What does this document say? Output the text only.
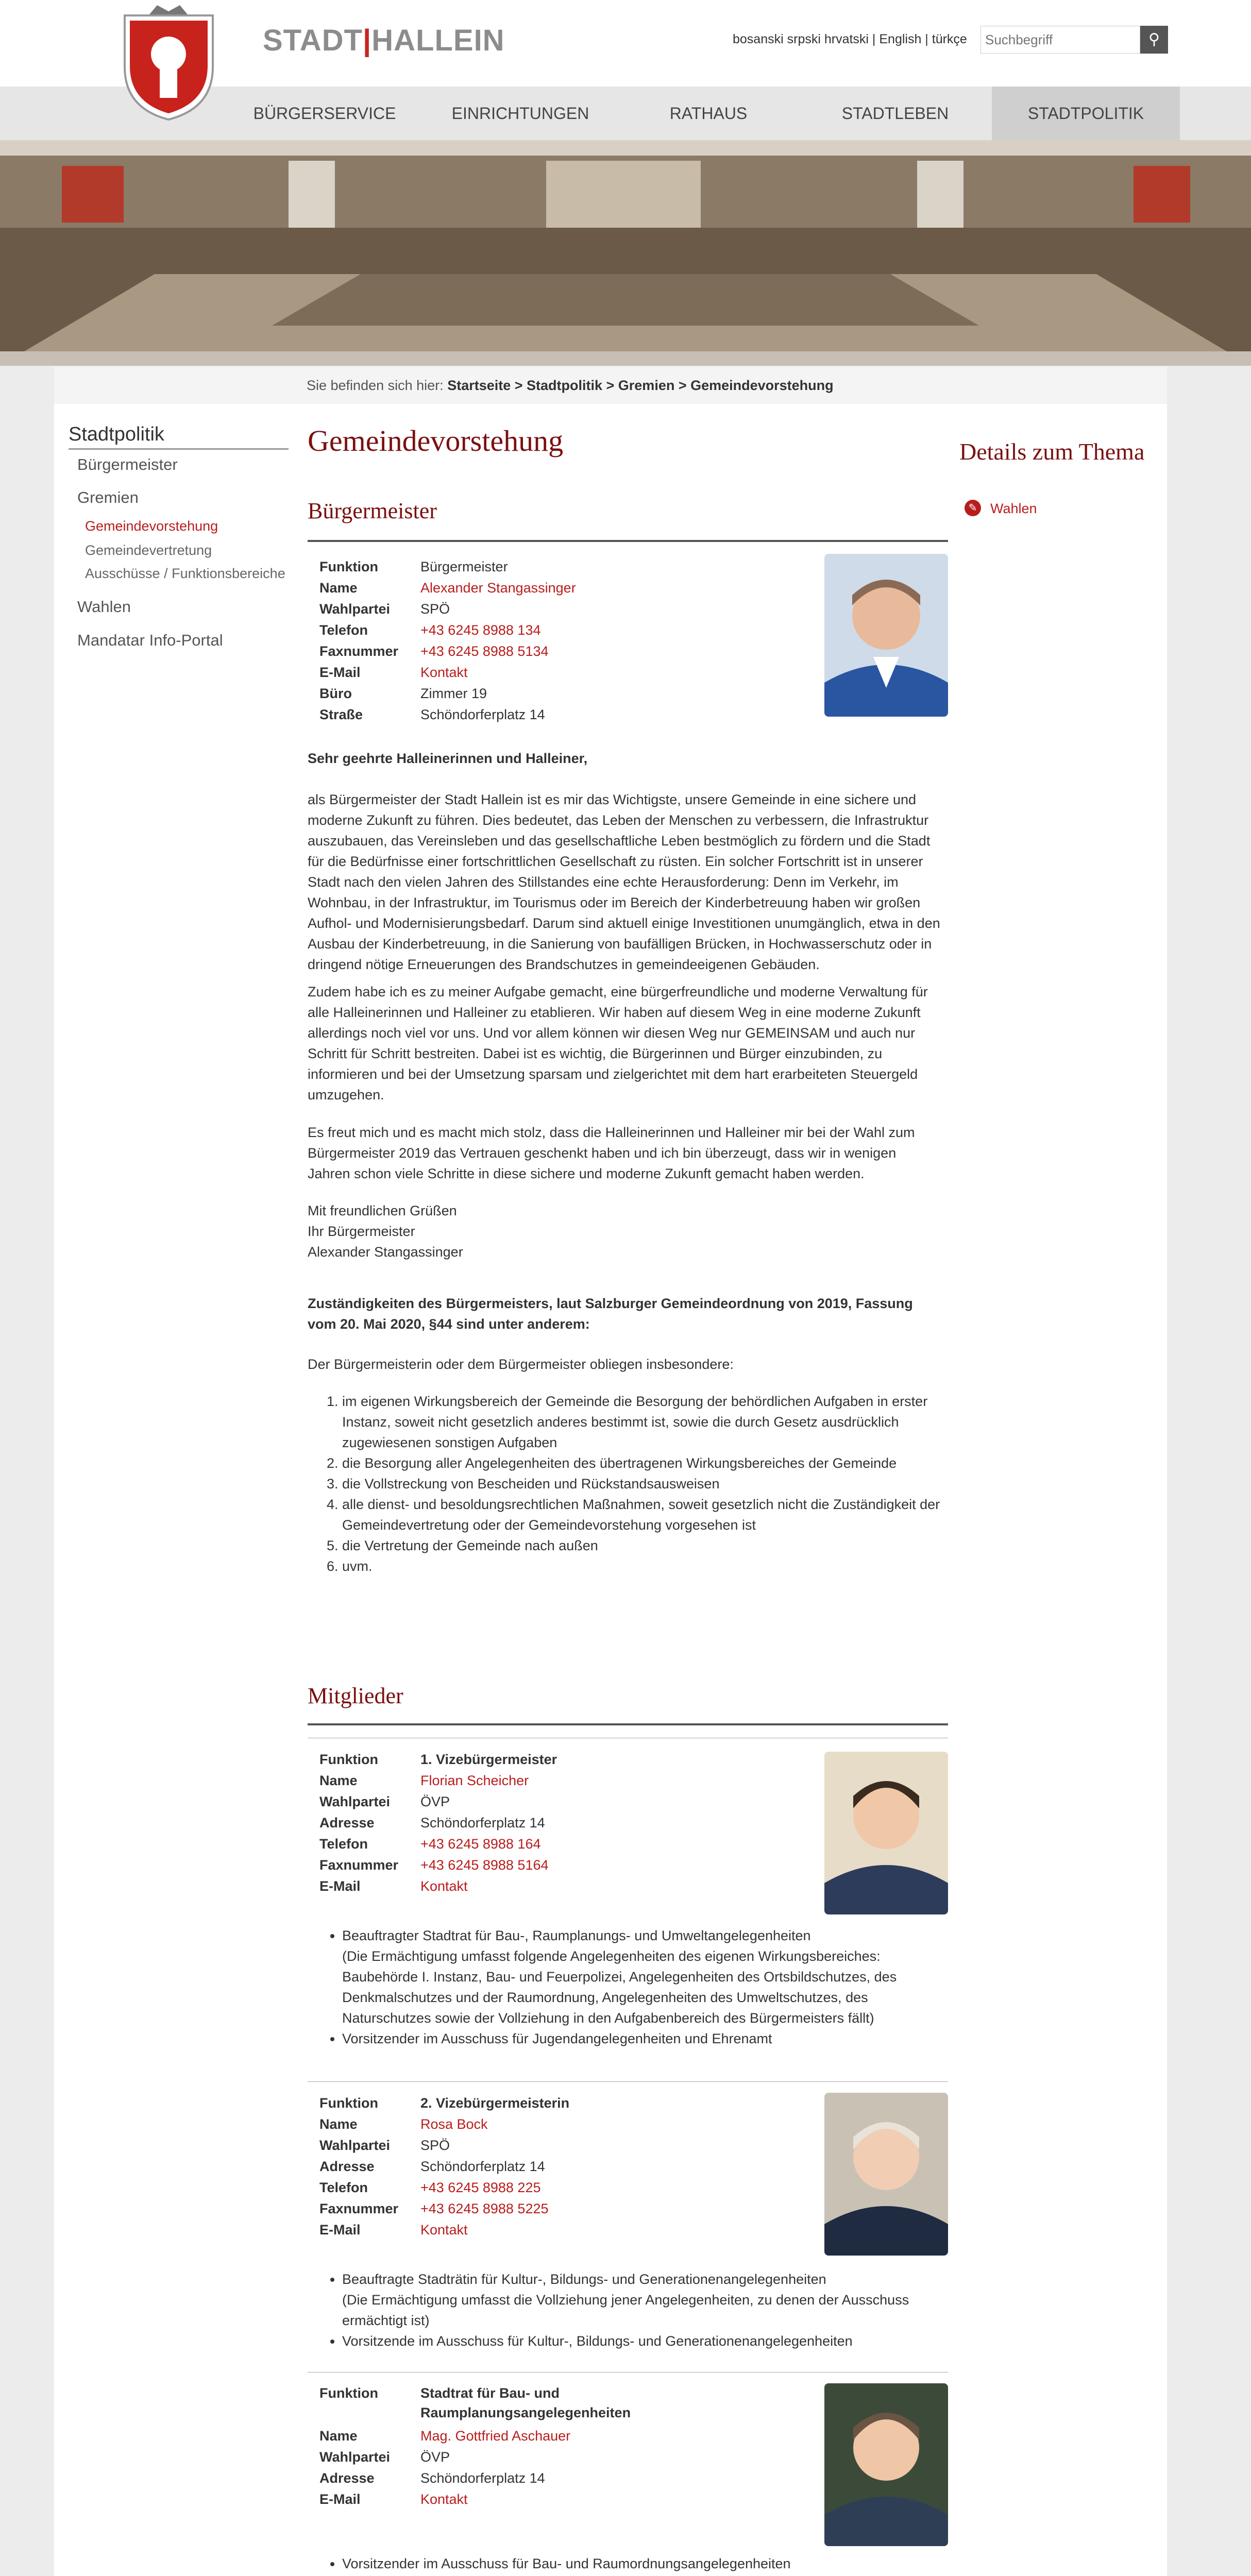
STADT|HALLEIN	bosanski srpski hrvatski | English | türkçe
Suchbegriff	⚲
BÜRGERSERVICE	EINRICHTUNGEN	RATHAUS	STADTLEBEN	STADTPOLITIK
Sie befinden sich hier: Startseite > Stadtpolitik > Gremien > Gemeindevorstehung
Stadtpolitik
Bürgermeister
Gremien
Gemeindevorstehung
Gemeindevertretung
Ausschüsse / Funktionsbereiche
Wahlen
Mandatar Info-Portal
Gemeindevorstehung	Details zum Thema
✎ Wahlen
Bürgermeister
Funktion	Bürgermeister
Name	Alexander Stangassinger
Wahlpartei SPÖ
Telefon	+43 6245 8988 134
Faxnummer +43 6245 8988 5134
E-Mail	Kontakt
Büro	Zimmer 19
Straße	Schöndorferplatz 14
Sehr geehrte Halleinerinnen und Halleiner,
als Bürgermeister der Stadt Hallein ist es mir das Wichtigste, unsere Gemeinde in eine sichere und moderne Zukunft zu führen. Dies bedeutet, das Leben der Menschen zu verbessern, die Infrastruktur auszubauen, das Vereinsleben und das gesellschaftliche Leben bestmöglich zu fördern und die Stadt für die Bedürfnisse einer fortschrittlichen Gesellschaft zu rüsten. Ein solcher Fortschritt ist in unserer Stadt nach den vielen Jahren des Stillstandes eine echte Herausforderung: Denn im Verkehr, im Wohnbau, in der Infrastruktur, im Tourismus oder im Bereich der Kinderbetreuung haben wir großen Aufhol- und Modernisierungsbedarf. Darum sind aktuell einige Investitionen unumgänglich, etwa in den Ausbau der Kinderbetreuung, in die Sanierung von baufälligen Brücken, in Hochwasserschutz oder in dringend nötige Erneuerungen des Brandschutzes in gemeindeeigenen Gebäuden.
Zudem habe ich es zu meiner Aufgabe gemacht, eine bürgerfreundliche und moderne Verwaltung für alle Halleinerinnen und Halleiner zu etablieren. Wir haben auf diesem Weg in eine moderne Zukunft allerdings noch viel vor uns. Und vor allem können wir diesen Weg nur GEMEINSAM und auch nur Schritt für Schritt bestreiten. Dabei ist es wichtig, die Bürgerinnen und Bürger einzubinden, zu informieren und bei der Umsetzung sparsam und zielgerichtet mit dem hart erarbeiteten Steuergeld umzugehen.
Es freut mich und es macht mich stolz, dass die Halleinerinnen und Halleiner mir bei der Wahl zum Bürgermeister 2019 das Vertrauen geschenkt haben und ich bin überzeugt, dass wir in wenigen Jahren schon viele Schritte in diese sichere und moderne Zukunft gemacht haben werden.
Mit freundlichen Grüßen
Ihr Bürgermeister
Alexander Stangassinger
Zuständigkeiten des Bürgermeisters, laut Salzburger Gemeindeordnung von 2019, Fassung vom 20. Mai 2020, §44 sind unter anderem:
Der Bürgermeisterin oder dem Bürgermeister obliegen insbesondere:
1. im eigenen Wirkungsbereich der Gemeinde die Besorgung der behördlichen Aufgaben in erster Instanz, soweit nicht gesetzlich anderes bestimmt ist, sowie die durch Gesetz ausdrücklich zugewiesenen sonstigen Aufgaben
2. die Besorgung aller Angelegenheiten des übertragenen Wirkungsbereiches der Gemeinde
3. die Vollstreckung von Bescheiden und Rückstandsausweisen
4. alle dienst- und besoldungsrechtlichen Maßnahmen, soweit gesetzlich nicht die Zuständigkeit der Gemeindevertretung oder der Gemeindevorstehung vorgesehen ist
5. die Vertretung der Gemeinde nach außen
6. uvm.
Mitglieder
Funktion	1. Vizebürgermeister
Name	Florian Scheicher
Wahlpartei ÖVP
Adresse	Schöndorferplatz 14
Telefon	+43 6245 8988 164
Faxnummer +43 6245 8988 5164
E-Mail	Kontakt
• Beauftragter Stadtrat für Bau-, Raumplanungs- und Umweltangelegenheiten
(Die Ermächtigung umfasst folgende Angelegenheiten des eigenen Wirkungsbereiches: Baubehörde I. Instanz, Bau- und Feuerpolizei, Angelegenheiten des Ortsbildschutzes, des Denkmalschutzes und der Raumordnung, Angelegenheiten des Umweltschutzes, des Naturschutzes sowie der Vollziehung in den Aufgabenbereich des Bürgermeisters fällt)
• Vorsitzender im Ausschuss für Jugendangelegenheiten und Ehrenamt
Funktion	2. Vizebürgermeisterin
Name	Rosa Bock
Wahlpartei SPÖ
Adresse	Schöndorferplatz 14
Telefon	+43 6245 8988 225
Faxnummer +43 6245 8988 5225
E-Mail	Kontakt
• Beauftragte Stadträtin für Kultur-, Bildungs- und Generationenangelegenheiten
(Die Ermächtigung umfasst die Vollziehung jener Angelegenheiten, zu denen der Ausschuss ermächtigt ist)
• Vorsitzende im Ausschuss für Kultur-, Bildungs- und Generationenangelegenheiten
Funktion	Stadtrat für Bau- und
Raumplanungsangelegenheiten
Name	Mag. Gottfried Aschauer
Wahlpartei ÖVP
Adresse	Schöndorferplatz 14
E-Mail	Kontakt
• Vorsitzender im Ausschuss für Bau- und Raumordnungsangelegenheiten
